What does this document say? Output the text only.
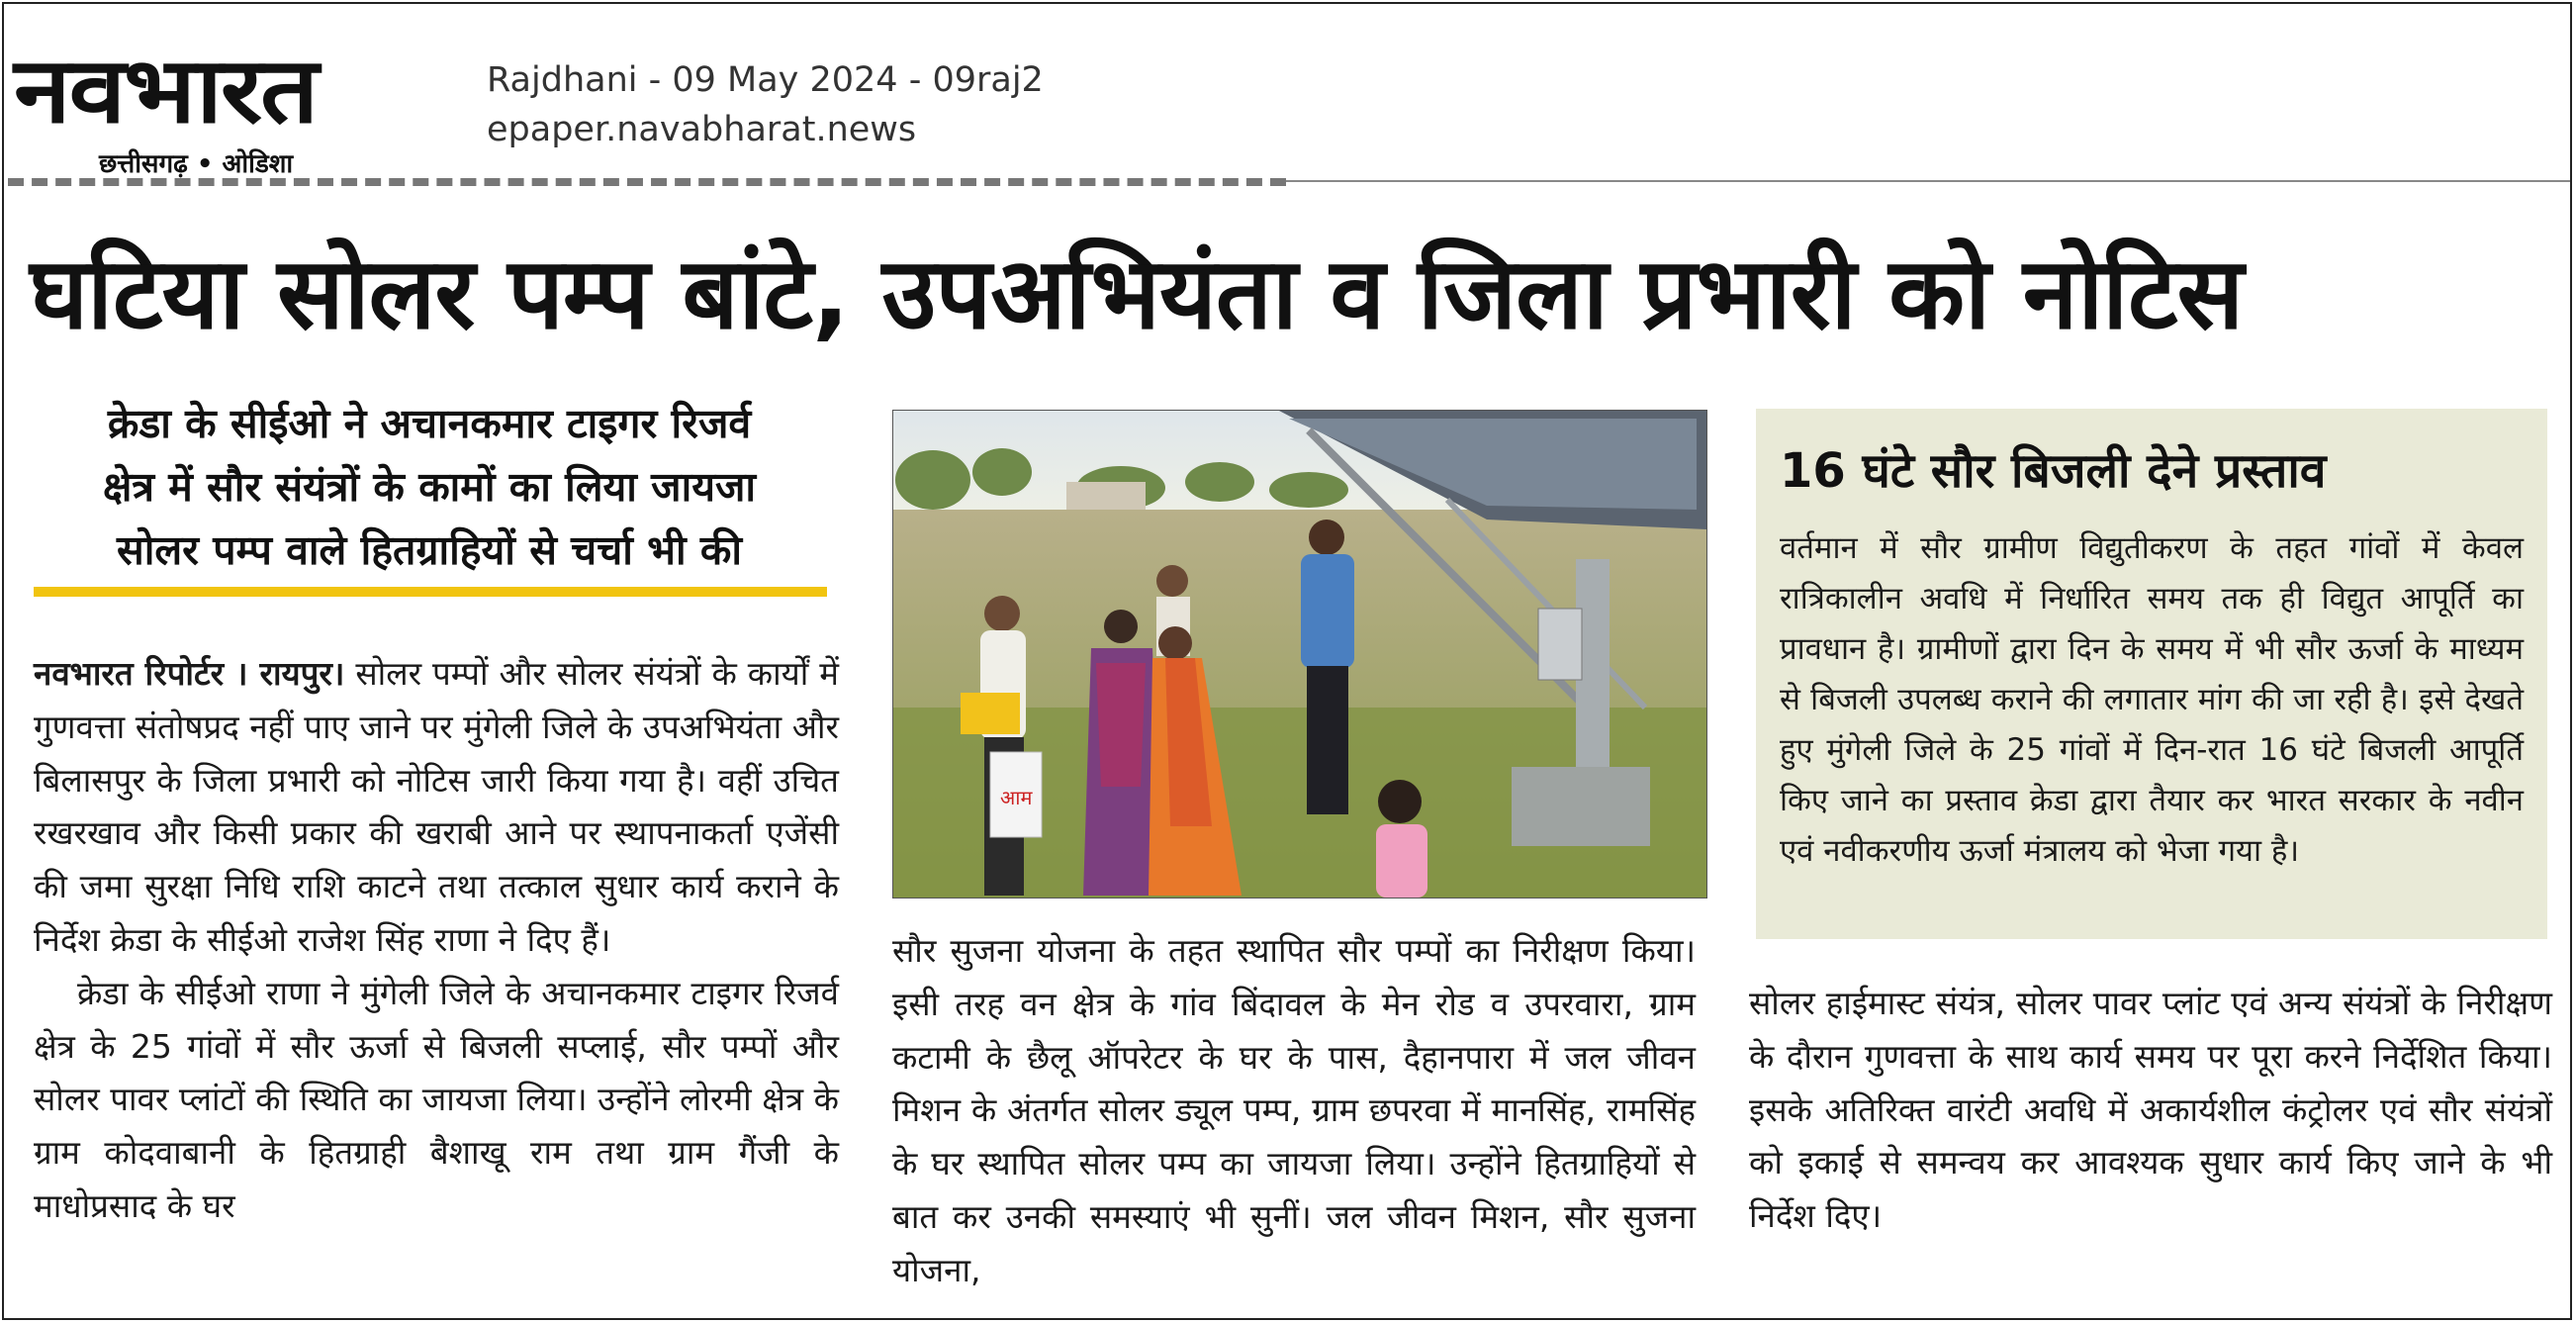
नवभारत
छत्तीसगढ़ • ओडिशा
Rajdhani - 09 May 2024 - 09raj2
epaper.navabharat.news
घटिया सोलर पम्प बांटे, उपअभियंता व जिला प्रभारी को नोटिस
क्रेडा के सीईओ ने अचानकमार टाइगर रिजर्व
क्षेत्र में सौर संयंत्रों के कामों का लिया जायजा
सोलर पम्प वाले हितग्राहियों से चर्चा भी की

नवभारत रिपोर्टर । रायपुर। सोलर पम्पों और सोलर संयंत्रों के कार्यों में गुणवत्ता संतोषप्रद नहीं पाए जाने पर मुंगेली जिले के उपअभियंता और बिलासपुर के जिला प्रभारी को नोटिस जारी किया गया है। वहीं उचित रखरखाव और किसी प्रकार की खराबी आने पर स्थापनाकर्ता एजेंसी की जमा सुरक्षा निधि राशि काटने तथा तत्काल सुधार कार्य कराने के निर्देश क्रेडा के सीईओ राजेश सिंह राणा ने दिए हैं।

क्रेडा के सीईओ राणा ने मुंगेली जिले के अचानकमार टाइगर रिजर्व क्षेत्र के 25 गांवों में सौर ऊर्जा से बिजली सप्लाई, सौर पम्पों और सोलर पावर प्लांटों की स्थिति का जायजा लिया। उन्होंने लोरमी क्षेत्र के ग्राम कोदवाबानी के हितग्राही बैशाखू राम तथा ग्राम गैंजी के माधोप्रसाद के घर

आम

सौर सुजना योजना के तहत स्थापित सौर पम्पों का निरीक्षण किया। इसी तरह वन क्षेत्र के गांव बिंदावल के मेन रोड व उपरवारा, ग्राम कटामी के छैलू ऑपरेटर के घर के पास, दैहानपारा में जल जीवन मिशन के अंतर्गत सोलर ड्यूल पम्प, ग्राम छपरवा में मानसिंह, रामसिंह के घर स्थापित सोलर पम्प का जायजा लिया। उन्होंने हितग्राहियों से बात कर उनकी समस्याएं भी सुनीं। जल जीवन मिशन, सौर सुजना योजना,

16 घंटे सौर बिजली देने प्रस्ताव
वर्तमान में सौर ग्रामीण विद्युतीकरण के तहत गांवों में केवल रात्रिकालीन अवधि में निर्धारित समय तक ही विद्युत आपूर्ति का प्रावधान है। ग्रामीणों द्वारा दिन के समय में भी सौर ऊर्जा के माध्यम से बिजली उपलब्ध कराने की लगातार मांग की जा रही है। इसे देखते हुए मुंगेली जिले के 25 गांवों में दिन-रात 16 घंटे बिजली आपूर्ति किए जाने का प्रस्ताव क्रेडा द्वारा तैयार कर भारत सरकार के नवीन एवं नवीकरणीय ऊर्जा मंत्रालय को भेजा गया है।

सोलर हाईमास्ट संयंत्र, सोलर पावर प्लांट एवं अन्य संयंत्रों के निरीक्षण के दौरान गुणवत्ता के साथ कार्य समय पर पूरा करने निर्देशित किया। इसके अतिरिक्त वारंटी अवधि में अकार्यशील कंट्रोलर एवं सौर संयंत्रों को इकाई से समन्वय कर आवश्यक सुधार कार्य किए जाने के भी निर्देश दिए।
